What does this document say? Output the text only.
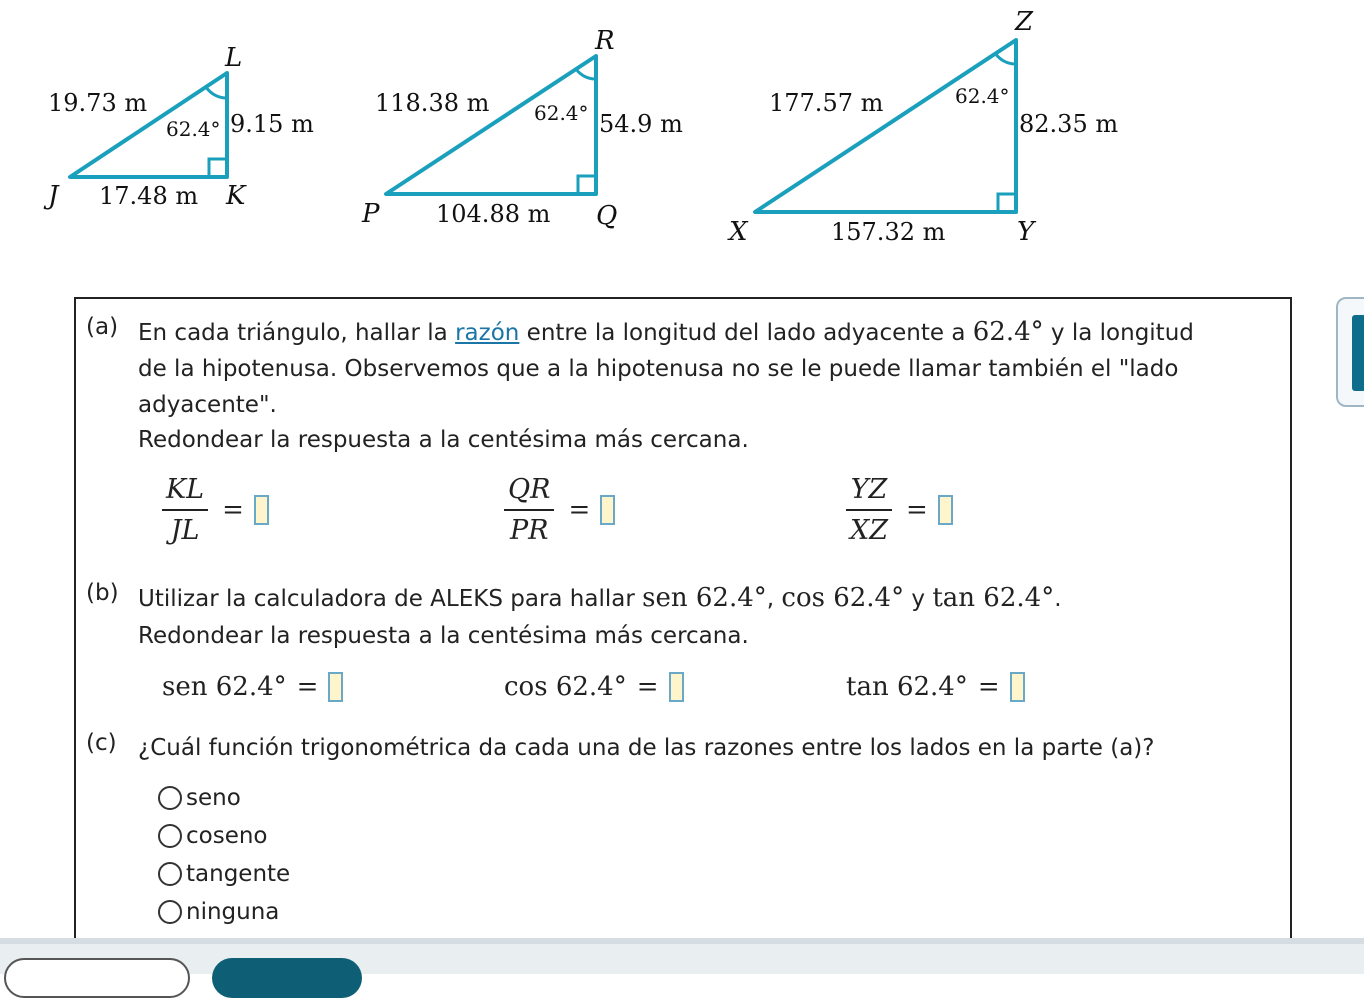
L
J	K
19.73 m
9.15 m
17.48 m
62.4°
R
P	Q
118.38 m
54.9 m
104.88 m
62.4°
Z
X	Y
177.57 m
82.35 m
157.32 m
62.4°
(a) En cada triángulo, hallar la razón entre la longitud del lado adyacente a 62.4° y la longitud
de la hipotenusa. Observemos que a la hipotenusa no se le puede llamar también el "lado
adyacente".
Redondear la respuesta a la centésima más cercana.
$\frac{KL}{JL}$ =	$\frac{QR}{PR}$ =	$\frac{YZ}{XZ}$ =
(b) Utilizar la calculadora de ALEKS para hallar sen 62.4°, cos 62.4° y tan 62.4°.
Redondear la respuesta a la centésima más cercana.
sen 62.4° =	cos 62.4° =	tan 62.4° =
(c) ¿Cuál función trigonométrica da cada una de las razones entre los lados en la parte (a)?
seno
coseno
tangente
ninguna
